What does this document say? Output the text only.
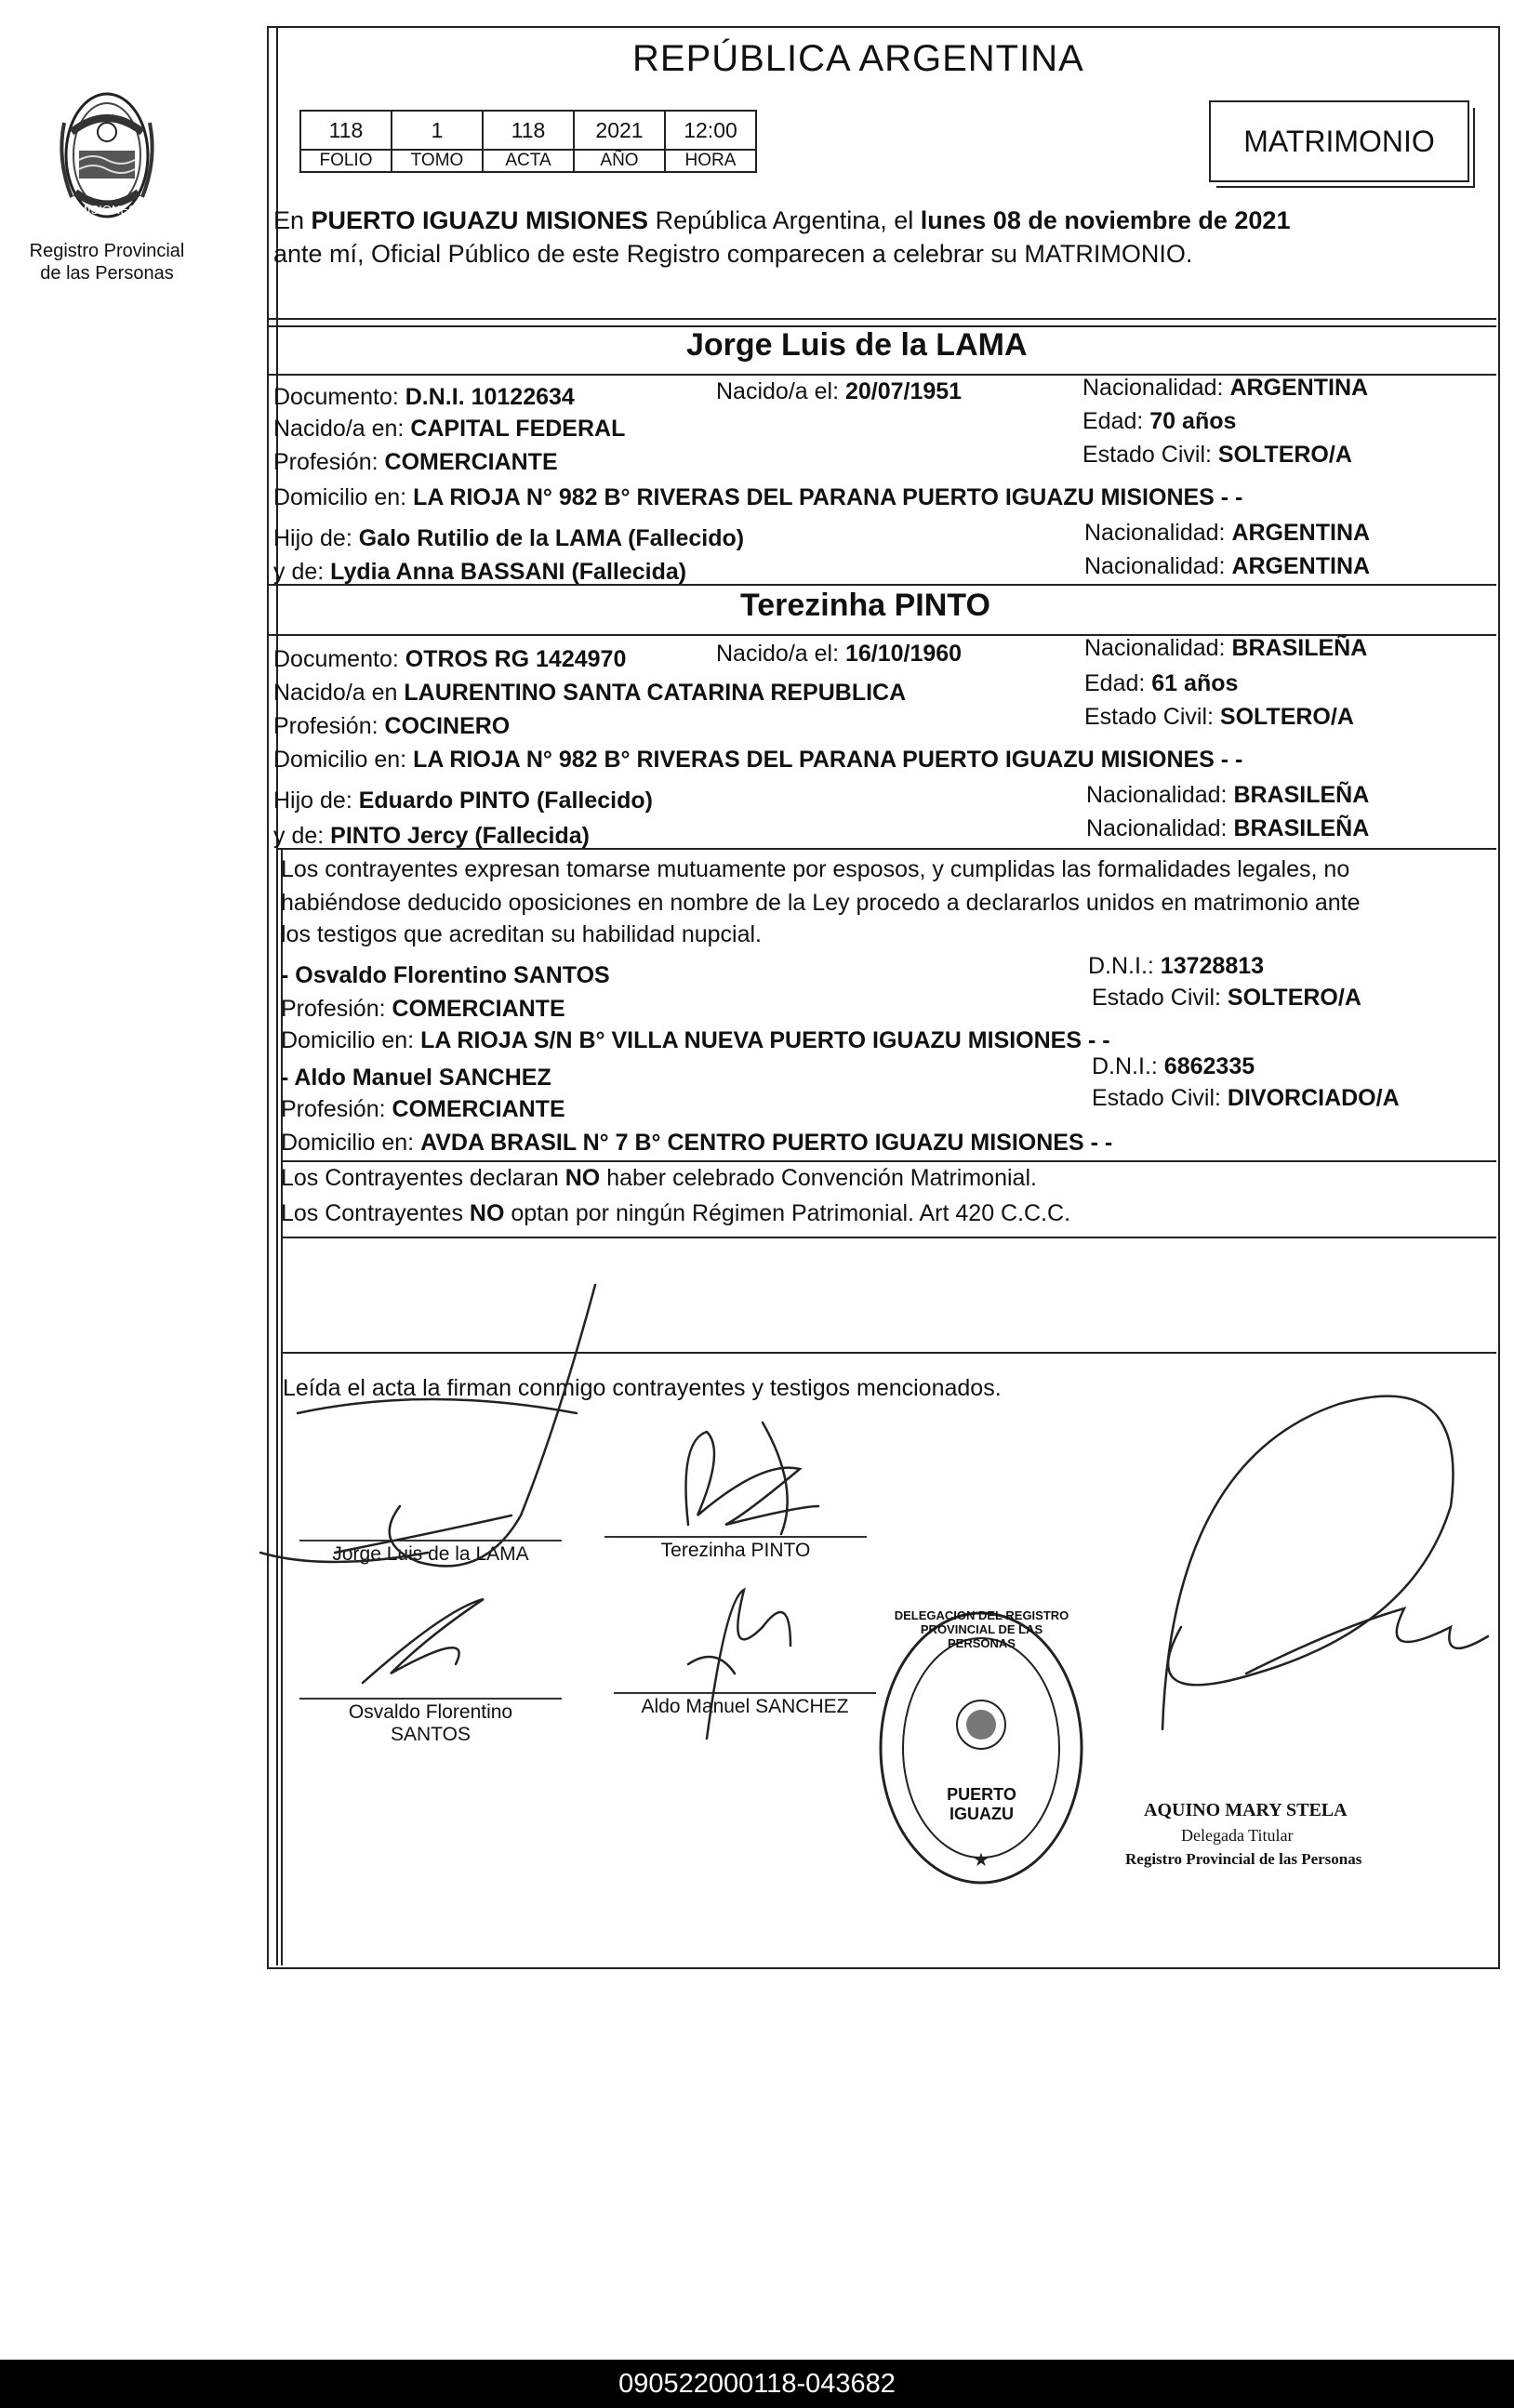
PROVINCIA DE
MISIONES
Registro Provincial
de las Personas
REPÚBLICA ARGENTINA
118	1	118	2021	12:00
FOLIO	TOMO	ACTA	AÑO	HORA
MATRIMONIO
En PUERTO IGUAZU MISIONES República Argentina, el lunes 08 de noviembre de 2021
ante mí, Oficial Público de este Registro comparecen a celebrar su MATRIMONIO.
Jorge Luis de la LAMA
Documento: D.N.I. 10122634	Nacido/a el: 20/07/1951	Nacionalidad: ARGENTINA
Nacido/a en: CAPITAL FEDERAL	Edad: 70 años
Profesión: COMERCIANTE	Estado Civil: SOLTERO/A
Domicilio en: LA RIOJA N° 982 B° RIVERAS DEL PARANA PUERTO IGUAZU MISIONES - -
Hijo de: Galo Rutilio de la LAMA (Fallecido)	Nacionalidad: ARGENTINA
y de: Lydia Anna BASSANI (Fallecida)	Nacionalidad: ARGENTINA
Terezinha PINTO
Documento: OTROS RG 1424970	Nacido/a el: 16/10/1960	Nacionalidad: BRASILEÑA
Nacido/a en LAURENTINO SANTA CATARINA REPUBLICA	Edad: 61 años
Profesión: COCINERO	Estado Civil: SOLTERO/A
Domicilio en: LA RIOJA N° 982 B° RIVERAS DEL PARANA PUERTO IGUAZU MISIONES - -
Hijo de: Eduardo PINTO (Fallecido)	Nacionalidad: BRASILEÑA
y de: PINTO Jercy (Fallecida)	Nacionalidad: BRASILEÑA
Los contrayentes expresan tomarse mutuamente por esposos, y cumplidas las formalidades legales, no
habiéndose deducido oposiciones en nombre de la Ley procedo a declararlos unidos en matrimonio ante
los testigos que acreditan su habilidad nupcial.
- Osvaldo Florentino SANTOS	D.N.I.: 13728813
Profesión: COMERCIANTE	Estado Civil: SOLTERO/A
Domicilio en: LA RIOJA S/N B° VILLA NUEVA PUERTO IGUAZU MISIONES - -
- Aldo Manuel SANCHEZ	D.N.I.: 6862335
Profesión: COMERCIANTE	Estado Civil: DIVORCIADO/A
Domicilio en: AVDA BRASIL N° 7 B° CENTRO PUERTO IGUAZU MISIONES - -
Los Contrayentes declaran NO haber celebrado Convención Matrimonial.
Los Contrayentes NO optan por ningún Régimen Patrimonial. Art 420 C.C.C.
Leída el acta la firman conmigo contrayentes y testigos mencionados.
Jorge Luis de la LAMA	Terezinha PINTO
Osvaldo Florentino
SANTOS
Aldo Manuel SANCHEZ
★
PUERTO IGUAZU
DELEGACION DEL REGISTRO PROVINCIAL DE LAS PERSONAS
AQUINO MARY STELA
Delegada Titular
Registro Provincial de las Personas
090522000118-043682
